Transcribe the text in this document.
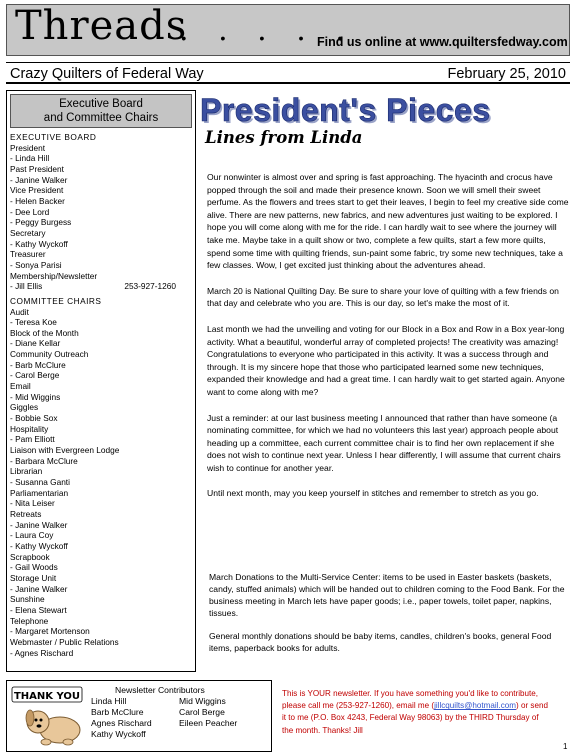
Threads
. . . . .
Find us online at www.quiltersfedway.com
Crazy Quilters of Federal Way	February 25, 2010
Executive Board
and Committee Chairs
EXECUTIVE BOARD
President
- Linda Hill
Past President
- Janine Walker
Vice President
- Helen Backer
- Dee Lord
- Peggy Burgess
Secretary
- Kathy Wyckoff
Treasurer
- Sonya Parisi
Membership/Newsletter
- Jill Ellis	253-927-1260
COMMITTEE CHAIRS
Audit
- Teresa Koe
Block of the Month
- Diane Kellar
Community Outreach
- Barb McClure
- Carol Berge
Email
- Mid Wiggins
Giggles
- Bobbie Sox
Hospitality
- Pam Elliott
Liaison with Evergreen Lodge
- Barbara McClure
Librarian
- Susanna Ganti
Parliamentarian
- Nita Leiser
Retreats
- Janine Walker
- Laura Coy
- Kathy Wyckoff
Scrapbook
- Gail Woods
Storage Unit
- Janine Walker
Sunshine
- Elena Stewart
Telephone
- Margaret Mortenson
Webmaster / Public Relations
- Agnes Rischard
President's Pieces
Lines from Linda

Our nonwinter is almost over and spring is fast approaching. The hyacinth and crocus have popped through the soil and made their presence known. Soon we will smell their sweet perfume. As the flowers and trees start to get their leaves, I begin to feel my creative side come alive. There are new patterns, new fabrics, and new adventures just waiting to be explored. I hope you will come along with me for the ride. I can hardly wait to see where the journey will take me. Maybe take in a quilt show or two, complete a few quilts, start a few more quilts, spend some time with quilting friends, sun-paint some fabric, try some new techniques, take a few classes. Wow, I get excited just thinking about the adventures ahead.

March 20 is National Quilting Day. Be sure to share your love of quilting with a few friends on that day and celebrate who you are. This is our day, so let's make the most of it.

Last month we had the unveiling and voting for our Block in a Box and Row in a Box year-long activity. What a beautiful, wonderful array of completed projects! The creativity was amazing! Congratulations to everyone who participated in this activity. It was a success through and through. It is my sincere hope that those who participated learned some new techniques, expanded their knowledge and had a great time. I can hardly wait to get started again. Anyone want to come along with me?

Just a reminder: at our last business meeting I announced that rather than have someone (a nominating committee, for which we had no volunteers this last year) approach people about heading up a committee, each current committee chair is to find her own replacement if she does not wish to continue next year. Unless I hear differently, I will assume that current chairs wish to continue for another year.

Until next month, may you keep yourself in stitches and remember to stretch as you go.

March Donations to the Multi-Service Center: items to be used in Easter baskets (baskets, candy, stuffed animals) which will be handed out to children coming to the Food Bank. For the business meeting in March lets have paper goods; i.e., paper towels, toilet paper, napkins, tissues.

General monthly donations should be baby items, candles, children's books, general Food items, paperback books for adults.

THANK YOU
Newsletter Contributors
Linda Hill
Barb McClure
Agnes Rischard
Kathy Wyckoff
Mid Wiggins
Carol Berge
Eileen Peacher
This is YOUR newsletter. If you have something you'd like to contribute, please call me (253-927-1260), email me (jillcquilts@hotmail.com) or send it to me (P.O. Box 4243, Federal Way 98063) by the THIRD Thursday of the month. Thanks! Jill
1
